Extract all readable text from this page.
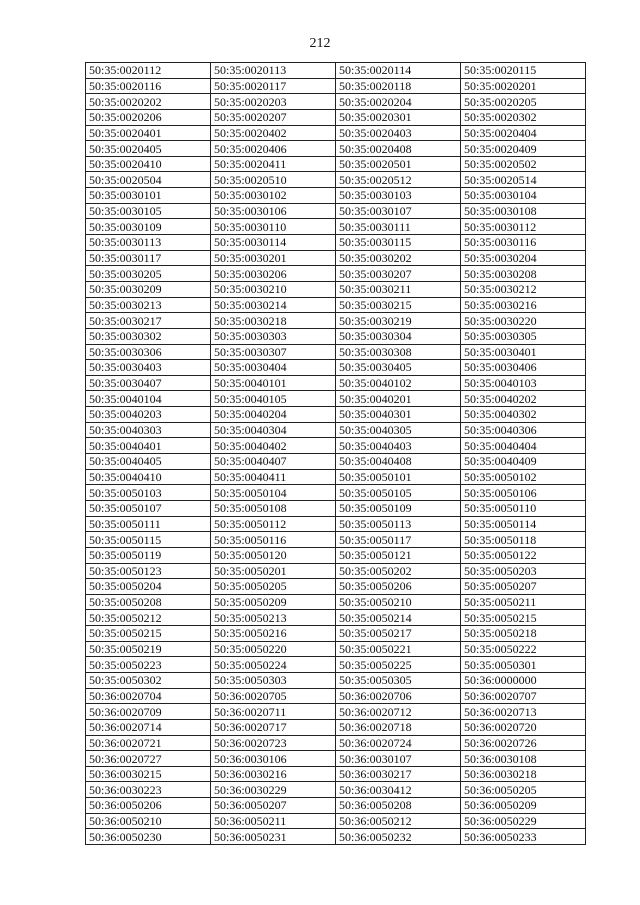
212
50:35:0020112	50:35:0020113	50:35:0020114	50:35:0020115
50:35:0020116	50:35:0020117	50:35:0020118	50:35:0020201
50:35:0020202	50:35:0020203	50:35:0020204	50:35:0020205
50:35:0020206	50:35:0020207	50:35:0020301	50:35:0020302
50:35:0020401	50:35:0020402	50:35:0020403	50:35:0020404
50:35:0020405	50:35:0020406	50:35:0020408	50:35:0020409
50:35:0020410	50:35:0020411	50:35:0020501	50:35:0020502
50:35:0020504	50:35:0020510	50:35:0020512	50:35:0020514
50:35:0030101	50:35:0030102	50:35:0030103	50:35:0030104
50:35:0030105	50:35:0030106	50:35:0030107	50:35:0030108
50:35:0030109	50:35:0030110	50:35:0030111	50:35:0030112
50:35:0030113	50:35:0030114	50:35:0030115	50:35:0030116
50:35:0030117	50:35:0030201	50:35:0030202	50:35:0030204
50:35:0030205	50:35:0030206	50:35:0030207	50:35:0030208
50:35:0030209	50:35:0030210	50:35:0030211	50:35:0030212
50:35:0030213	50:35:0030214	50:35:0030215	50:35:0030216
50:35:0030217	50:35:0030218	50:35:0030219	50:35:0030220
50:35:0030302	50:35:0030303	50:35:0030304	50:35:0030305
50:35:0030306	50:35:0030307	50:35:0030308	50:35:0030401
50:35:0030403	50:35:0030404	50:35:0030405	50:35:0030406
50:35:0030407	50:35:0040101	50:35:0040102	50:35:0040103
50:35:0040104	50:35:0040105	50:35:0040201	50:35:0040202
50:35:0040203	50:35:0040204	50:35:0040301	50:35:0040302
50:35:0040303	50:35:0040304	50:35:0040305	50:35:0040306
50:35:0040401	50:35:0040402	50:35:0040403	50:35:0040404
50:35:0040405	50:35:0040407	50:35:0040408	50:35:0040409
50:35:0040410	50:35:0040411	50:35:0050101	50:35:0050102
50:35:0050103	50:35:0050104	50:35:0050105	50:35:0050106
50:35:0050107	50:35:0050108	50:35:0050109	50:35:0050110
50:35:0050111	50:35:0050112	50:35:0050113	50:35:0050114
50:35:0050115	50:35:0050116	50:35:0050117	50:35:0050118
50:35:0050119	50:35:0050120	50:35:0050121	50:35:0050122
50:35:0050123	50:35:0050201	50:35:0050202	50:35:0050203
50:35:0050204	50:35:0050205	50:35:0050206	50:35:0050207
50:35:0050208	50:35:0050209	50:35:0050210	50:35:0050211
50:35:0050212	50:35:0050213	50:35:0050214	50:35:0050215
50:35:0050215	50:35:0050216	50:35:0050217	50:35:0050218
50:35:0050219	50:35:0050220	50:35:0050221	50:35:0050222
50:35:0050223	50:35:0050224	50:35:0050225	50:35:0050301
50:35:0050302	50:35:0050303	50:35:0050305	50:36:0000000
50:36:0020704	50:36:0020705	50:36:0020706	50:36:0020707
50:36:0020709	50:36:0020711	50:36:0020712	50:36:0020713
50:36:0020714	50:36:0020717	50:36:0020718	50:36:0020720
50:36:0020721	50:36:0020723	50:36:0020724	50:36:0020726
50:36:0020727	50:36:0030106	50:36:0030107	50:36:0030108
50:36:0030215	50:36:0030216	50:36:0030217	50:36:0030218
50:36:0030223	50:36:0030229	50:36:0030412	50:36:0050205
50:36:0050206	50:36:0050207	50:36:0050208	50:36:0050209
50:36:0050210	50:36:0050211	50:36:0050212	50:36:0050229
50:36:0050230	50:36:0050231	50:36:0050232	50:36:0050233
